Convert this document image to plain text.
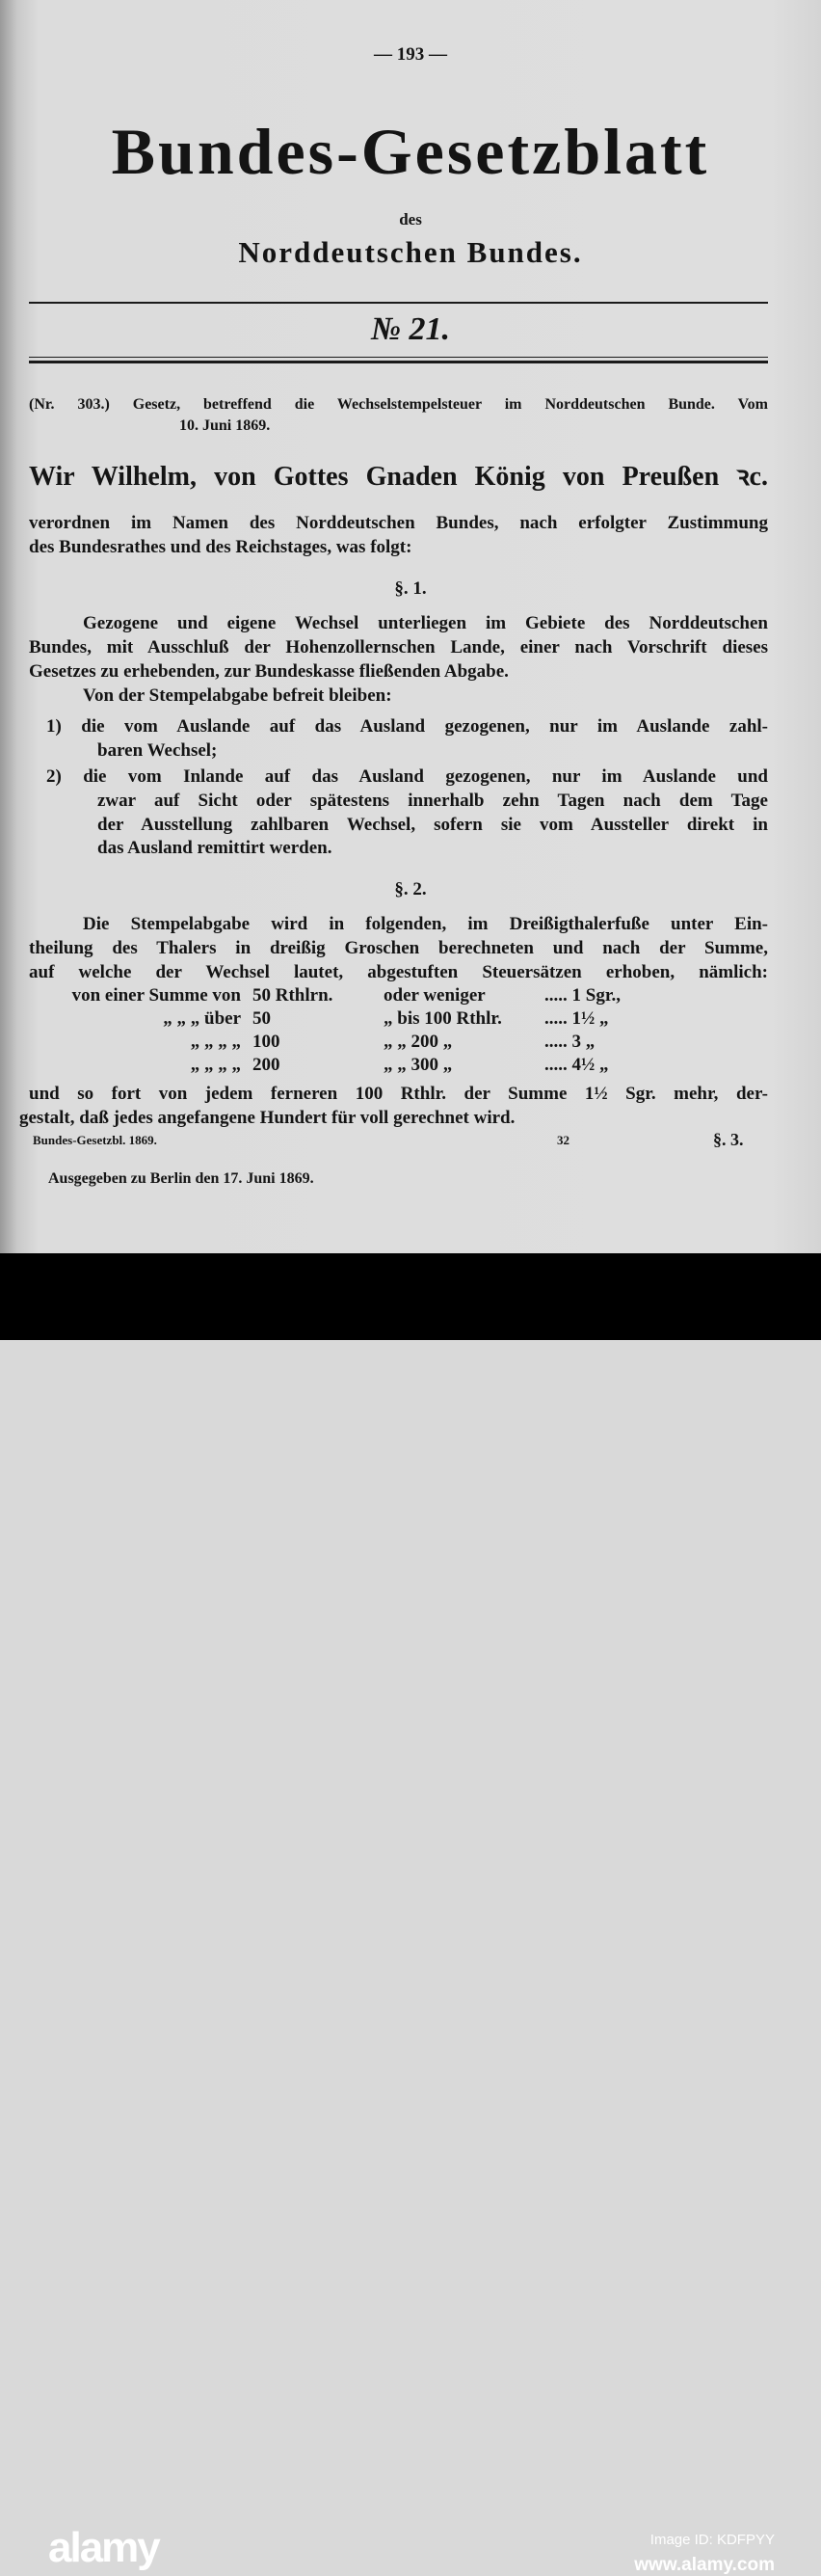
— 193 —
Bundes-Gesetzblatt
des
Norddeutschen Bundes.
№ 21.
(Nr. 303.) Gesetz, betreffend die Wechselstempelsteuer im Norddeutschen Bunde. Vom
10. Juni 1869.
Wir Wilhelm, von Gottes Gnaden König von Preußen ꝛc.
verordnen im Namen des Norddeutschen Bundes, nach erfolgter Zustimmung
des Bundesrathes und des Reichstages, was folgt:
§. 1.
Gezogene und eigene Wechsel unterliegen im Gebiete des Norddeutschen
Bundes, mit Ausschluß der Hohenzollernschen Lande, einer nach Vorschrift dieses
Gesetzes zu erhebenden, zur Bundeskasse fließenden Abgabe.
Von der Stempelabgabe befreit bleiben:
1) die vom Auslande auf das Ausland gezogenen, nur im Auslande zahl-
baren Wechsel;
2) die vom Inlande auf das Ausland gezogenen, nur im Auslande und
zwar auf Sicht oder spätestens innerhalb zehn Tagen nach dem Tage
der Ausstellung zahlbaren Wechsel, sofern sie vom Aussteller direkt in
das Ausland remittirt werden.
§. 2.
Die Stempelabgabe wird in folgenden, im Dreißigthalerfuße unter Ein-
theilung des Thalers in dreißig Groschen berechneten und nach der Summe,
auf welche der Wechsel lautet, abgestuften Steuersätzen erhoben, nämlich:
von einer Summe von 50 Rthlrn.	oder weniger	..... 1 Sgr.,
„ „ „ über 50	„ bis 100 Rthlr.	..... 1½ „
„ „ „ „ 100	„ „ 200 „	..... 3 „
„ „ „ „ 200	„ „ 300 „	..... 4½ „
und so fort von jedem ferneren 100 Rthlr. der Summe 1½ Sgr. mehr, der-
gestalt, daß jedes angefangene Hundert für voll gerechnet wird.
Bundes-Gesetzbl. 1869.	32	§. 3.
Ausgegeben zu Berlin den 17. Juni 1869.
alamy	Image ID: KDFPYY
www.alamy.com
